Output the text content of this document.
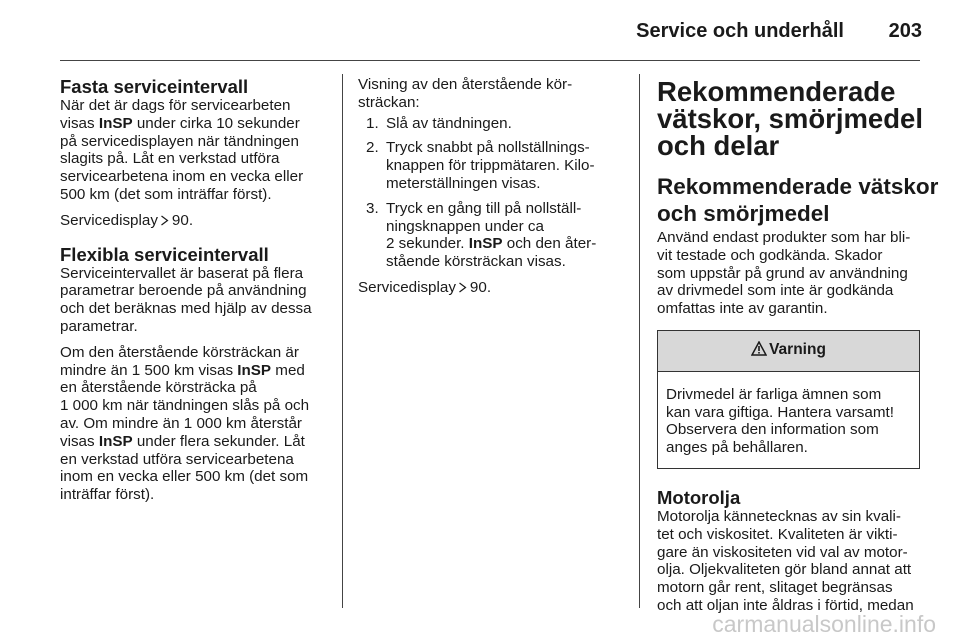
Service och underhåll 203
Fasta serviceintervall

När det är dags för servicearbeten
visas InSP under cirka 10 sekunder
på servicedisplayen när tändningen
slagits på. Låt en verkstad utföra
servicearbetena inom en vecka eller
500 km (det som inträffar först).

Servicedisplay 90.

Flexibla serviceintervall

Serviceintervallet är baserat på flera
parametrar beroende på användning
och det beräknas med hjälp av dessa
parametrar.

Om den återstående körsträckan är
mindre än 1 500 km visas InSP med
en återstående körsträcka på
1 000 km när tändningen slås på och
av. Om mindre än 1 000 km återstår
visas InSP under flera sekunder. Låt
en verkstad utföra servicearbetena
inom en vecka eller 500 km (det som
inträffar först).

Visning av den återstående kör-
sträckan:

1. Slå av tändningen.
2. Tryck snabbt på nollställnings-
knappen för trippmätaren. Kilo-
meterställningen visas.
3. Tryck en gång till på nollställ-
ningsknappen under ca
2 sekunder. InSP och den åter-
stående körsträckan visas.

Servicedisplay 90.

Rekommenderade
vätskor, smörjmedel
och delar
Rekommenderade vätskor
och smörjmedel

Använd endast produkter som har bli-
vit testade och godkända. Skador
som uppstår på grund av användning
av drivmedel som inte är godkända
omfattas inte av garantin.

Varning
Drivmedel är farliga ämnen som
kan vara giftiga. Hantera varsamt!
Observera den information som
anges på behållaren.
Motorolja

Motorolja kännetecknas av sin kvali-
tet och viskositet. Kvaliteten är vikti-
gare än viskositeten vid val av motor-
olja. Oljekvaliteten gör bland annat att
motorn går rent, slitaget begränsas
och att oljan inte åldras i förtid, medan

carmanualsonline.info
